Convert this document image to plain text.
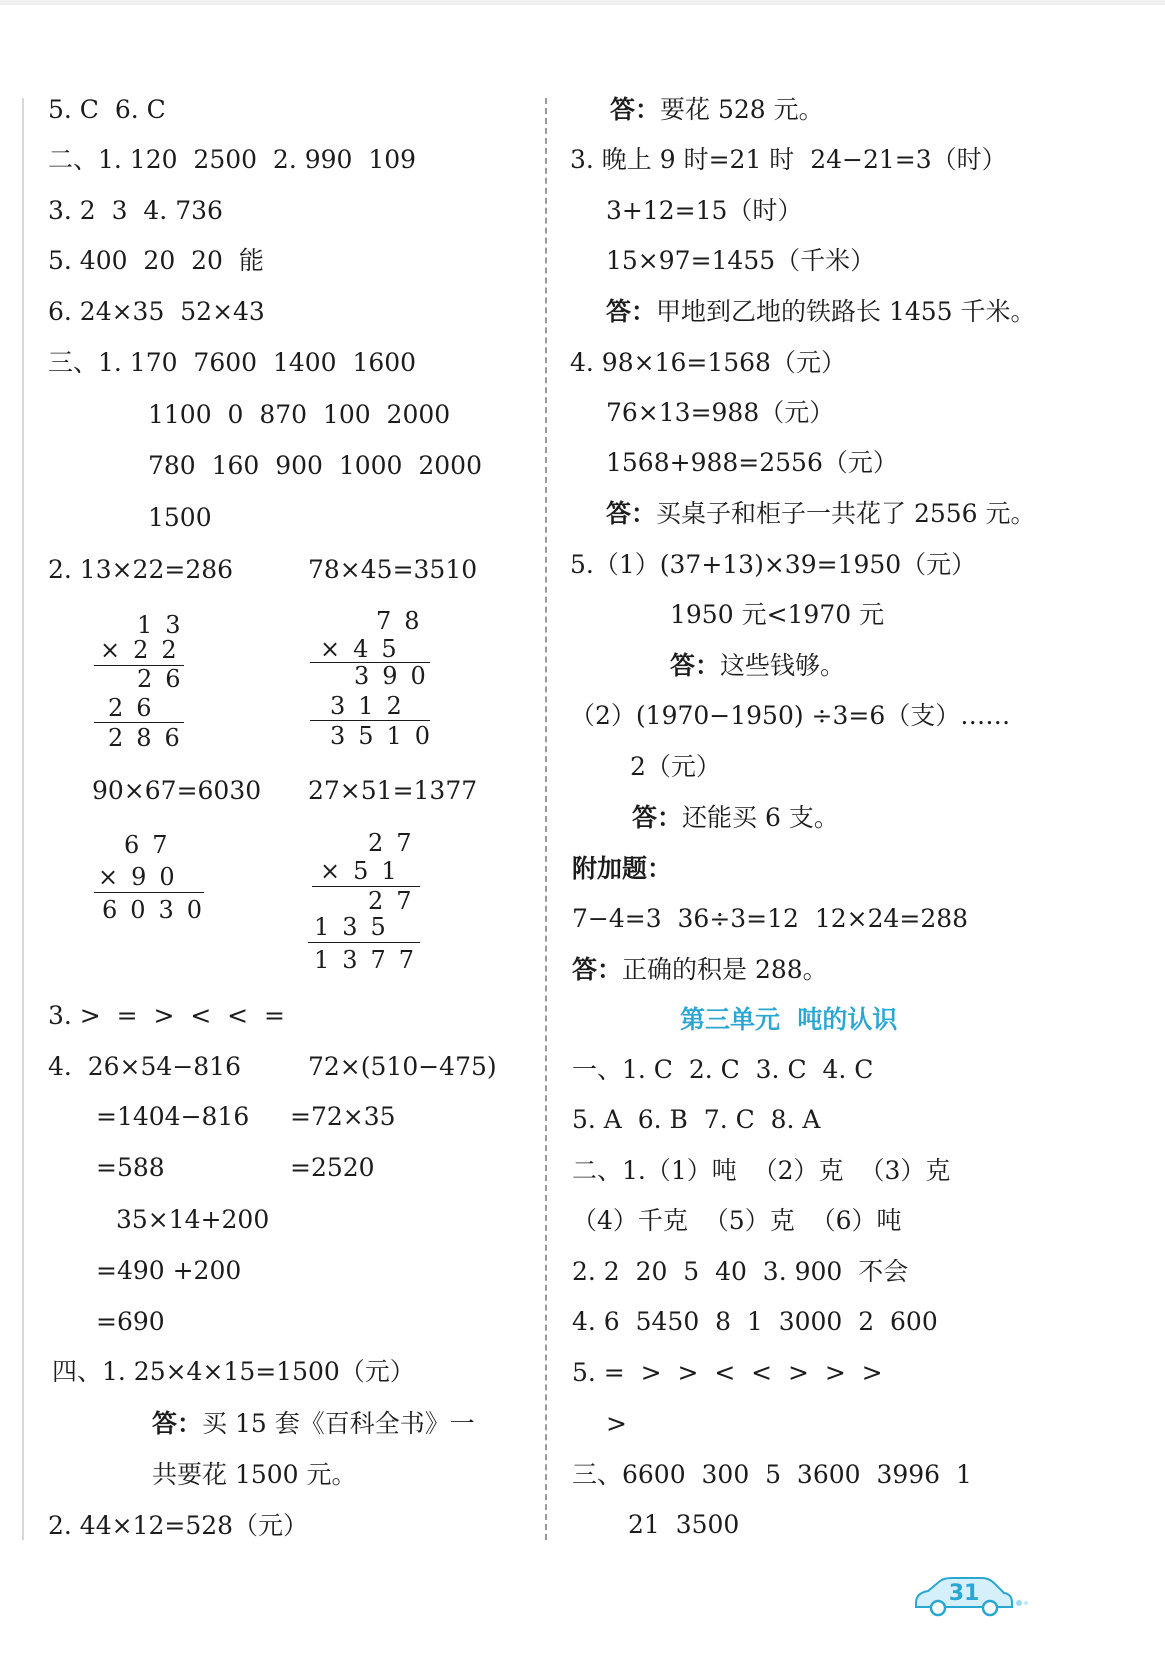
5. C  6. C
二、1. 120  2500  2. 990  109
3. 2  3  4. 736
5. 400  20  20  能
6. 24×35  52×43
三、1. 170  7600  1400  1600
1100  0  870  100  2000
780  160  900  1000  2000
1500
2. 13×22=286	78×45=3510
13
×22
26
26
286
78
×45
390
312
3510
90×67=6030 27×51=1377
67
×90
6030
27
×51
27
135
1377
3. >  =  >  <  <  =
4.  26×54−816	72×(510−475)
=1404−816 =72×35
=588	=2520
35×14+200
=490 +200
=690
四、1. 25×4×15=1500（元）
答：买 15 套《百科全书》一
共要花 1500 元。
2. 44×12=528（元）
答：要花 528 元。
3. 晚上 9 时=21 时  24−21=3（时）
3+12=15（时）
15×97=1455（千米）
答：甲地到乙地的铁路长 1455 千米。
4. 98×16=1568（元）
76×13=988（元）
1568+988=2556（元）
答：买桌子和柜子一共花了 2556 元。
5.（1）(37+13)×39=1950（元）
1950 元<1970 元
答：这些钱够。
（2）(1970−1950) ÷3=6（支）……
2（元）
答：还能买 6 支。
附加题：
7−4=3  36÷3=12  12×24=288
答：正确的积是 288。
第三单元  吨的认识
一、1. C  2. C  3. C  4. C
5. A  6. B  7. C  8. A
二、1.（1）吨  （2）克  （3）克
（4）千克  （5）克  （6）吨
2. 2  20  5  40  3. 900  不会
4. 6  5450  8  1  3000  2  600
5. =  >  >  <  <  >  >  >
>
三、6600  300  5  3600  3996  1
21  3500
31
